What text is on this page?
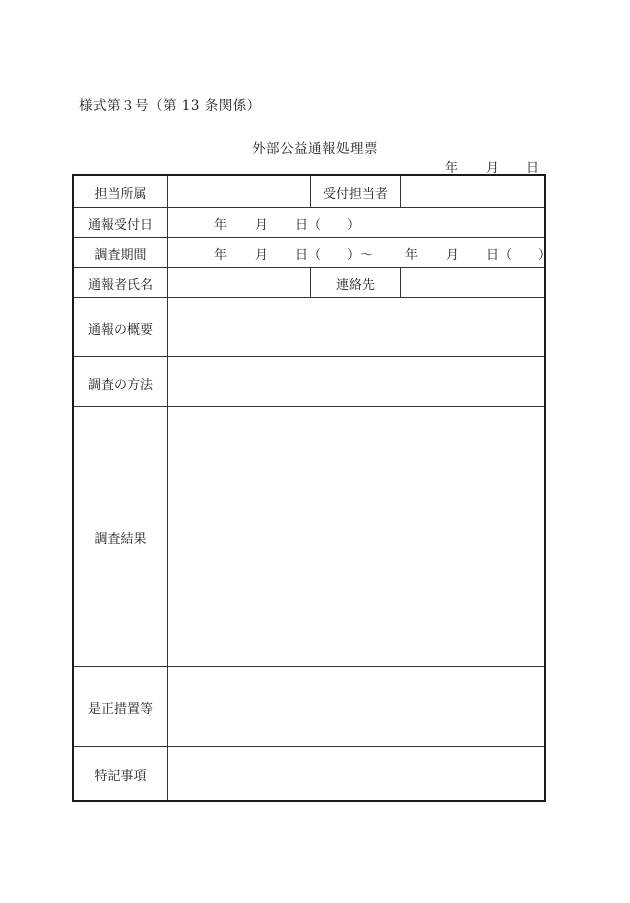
様式第３号（第 13 条関係）
外部公益通報処理票
年 月 日
担当所属	受付担当者
通報受付日	年 月 日（　　）
調査期間	年 月 日（　　）～ 年 月 日（　　）
通報者氏名	連絡先
通報の概要
調査の方法
調査結果
是正措置等
特記事項
